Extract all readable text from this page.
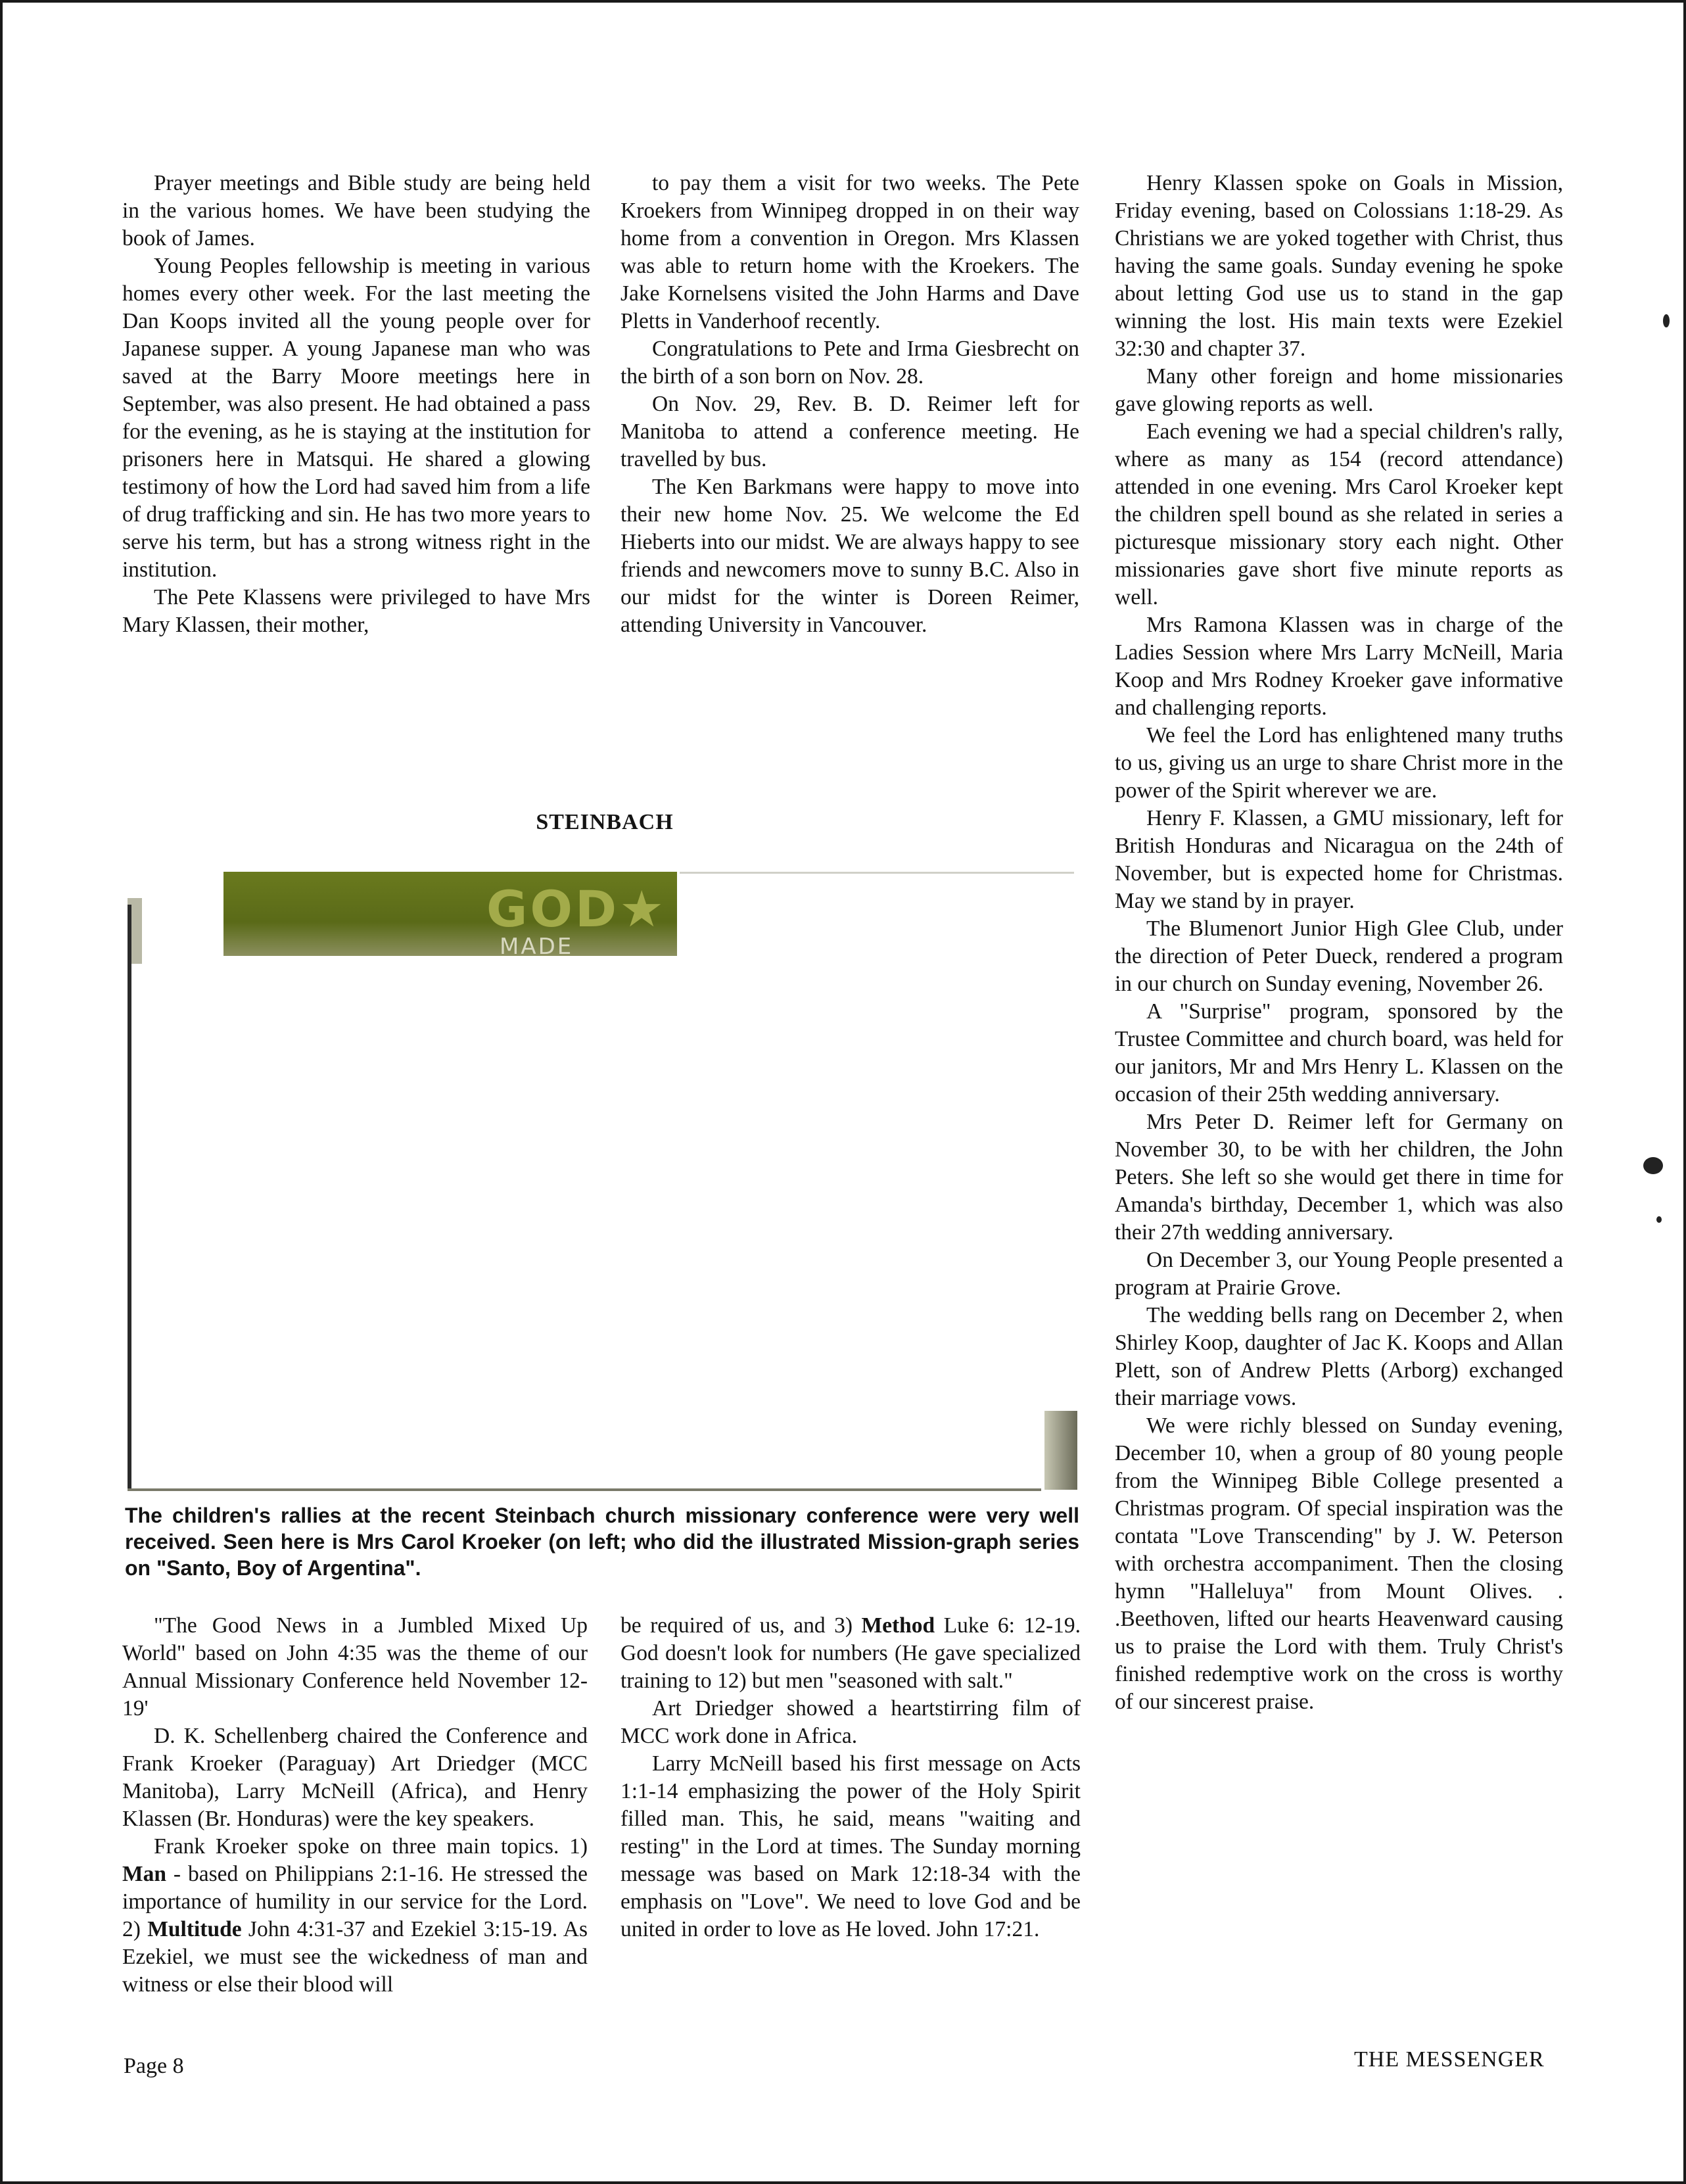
Prayer meetings and Bible study are being held in the various homes. We have been studying the book of James.

Young Peoples fellowship is meeting in various homes every other week. For the last meeting the Dan Koops invited all the young people over for Japanese supper. A young Japanese man who was saved at the Barry Moore meetings here in September, was also present. He had obtained a pass for the evening, as he is staying at the institution for prisoners here in Matsqui. He shared a glowing testimony of how the Lord had saved him from a life of drug trafficking and sin. He has two more years to serve his term, but has a strong witness right in the institution.

The Pete Klassens were privileged to have Mrs Mary Klassen, their mother,

to pay them a visit for two weeks. The Pete Kroekers from Winnipeg dropped in on their way home from a convention in Oregon. Mrs Klassen was able to return home with the Kroekers. The Jake Kornelsens visited the John Harms and Dave Pletts in Vanderhoof recently.

Congratulations to Pete and Irma Giesbrecht on the birth of a son born on Nov. 28.

On Nov. 29, Rev. B. D. Reimer left for Manitoba to attend a conference meeting. He travelled by bus.

The Ken Barkmans were happy to move into their new home Nov. 25. We welcome the Ed Hieberts into our midst. We are always happy to see friends and newcomers move to sunny B.C. Also in our midst for the winter is Doreen Reimer, attending University in Vancouver.

Henry Klassen spoke on Goals in Mission, Friday evening, based on Colossians 1:18-29. As Christians we are yoked together with Christ, thus having the same goals. Sunday evening he spoke about letting God use us to stand in the gap winning the lost. His main texts were Ezekiel 32:30 and chapter 37.

Many other foreign and home missionaries gave glowing reports as well.

Each evening we had a special children's rally, where as many as 154 (record attendance) attended in one evening. Mrs Carol Kroeker kept the children spell bound as she related in series a picturesque missionary story each night. Other missionaries gave short five minute reports as well.

Mrs Ramona Klassen was in charge of the Ladies Session where Mrs Larry McNeill, Maria Koop and Mrs Rodney Kroeker gave informative and challenging reports.

We feel the Lord has enlightened many truths to us, giving us an urge to share Christ more in the power of the Spirit wherever we are.

Henry F. Klassen, a GMU missionary, left for British Honduras and Nicaragua on the 24th of November, but is expected home for Christmas. May we stand by in prayer.

The Blumenort Junior High Glee Club, under the direction of Peter Dueck, rendered a program in our church on Sunday evening, November 26.

A "Surprise" program, sponsored by the Trustee Committee and church board, was held for our janitors, Mr and Mrs Henry L. Klassen on the occasion of their 25th wedding anniversary.

Mrs Peter D. Reimer left for Germany on November 30, to be with her children, the John Peters. She left so she would get there in time for Amanda's birthday, December 1, which was also their 27th wedding anniversary.

On December 3, our Young People presented a program at Prairie Grove.

The wedding bells rang on December 2, when Shirley Koop, daughter of Jac K. Koops and Allan Plett, son of Andrew Pletts (Arborg) exchanged their marriage vows.

We were richly blessed on Sunday evening, December 10, when a group of 80 young people from the Winnipeg Bible College presented a Christmas program. Of special inspiration was the contata "Love Transcending" by J. W. Peterson with orchestra accompaniment. Then the closing hymn "Halleluya" from Mount Olives. . .Beethoven, lifted our hearts Heavenward causing us to praise the Lord with them. Truly Christ's finished redemptive work on the cross is worthy of our sincerest praise.

STEINBACH
GOD★
MADE
The children's rallies at the recent Steinbach church missionary conference were very well received. Seen here is Mrs Carol Kroeker (on left; who did the illustrated Mission-graph series on "Santo, Boy of Argentina".

"The Good News in a Jumbled Mixed Up World" based on John 4:35 was the theme of our Annual Missionary Conference held November 12-19'

D. K. Schellenberg chaired the Conference and Frank Kroeker (Paraguay) Art Driedger (MCC Manitoba), Larry McNeill (Africa), and Henry Klassen (Br. Honduras) were the key speakers.

Frank Kroeker spoke on three main topics. 1) Man - based on Philippians 2:1-16. He stressed the importance of humility in our service for the Lord. 2) Multitude John 4:31-37 and Ezekiel 3:15-19. As Ezekiel, we must see the wickedness of man and witness or else their blood will

be required of us, and 3) Method Luke 6: 12-19. God doesn't look for numbers (He gave specialized training to 12) but men "seasoned with salt."

Art Driedger showed a heartstirring film of MCC work done in Africa.

Larry McNeill based his first message on Acts 1:1-14 emphasizing the power of the Holy Spirit filled man. This, he said, means "waiting and resting" in the Lord at times. The Sunday morning message was based on Mark 12:18-34 with the emphasis on "Love". We need to love God and be united in order to love as He loved. John 17:21.

Page 8	THE MESSENGER
